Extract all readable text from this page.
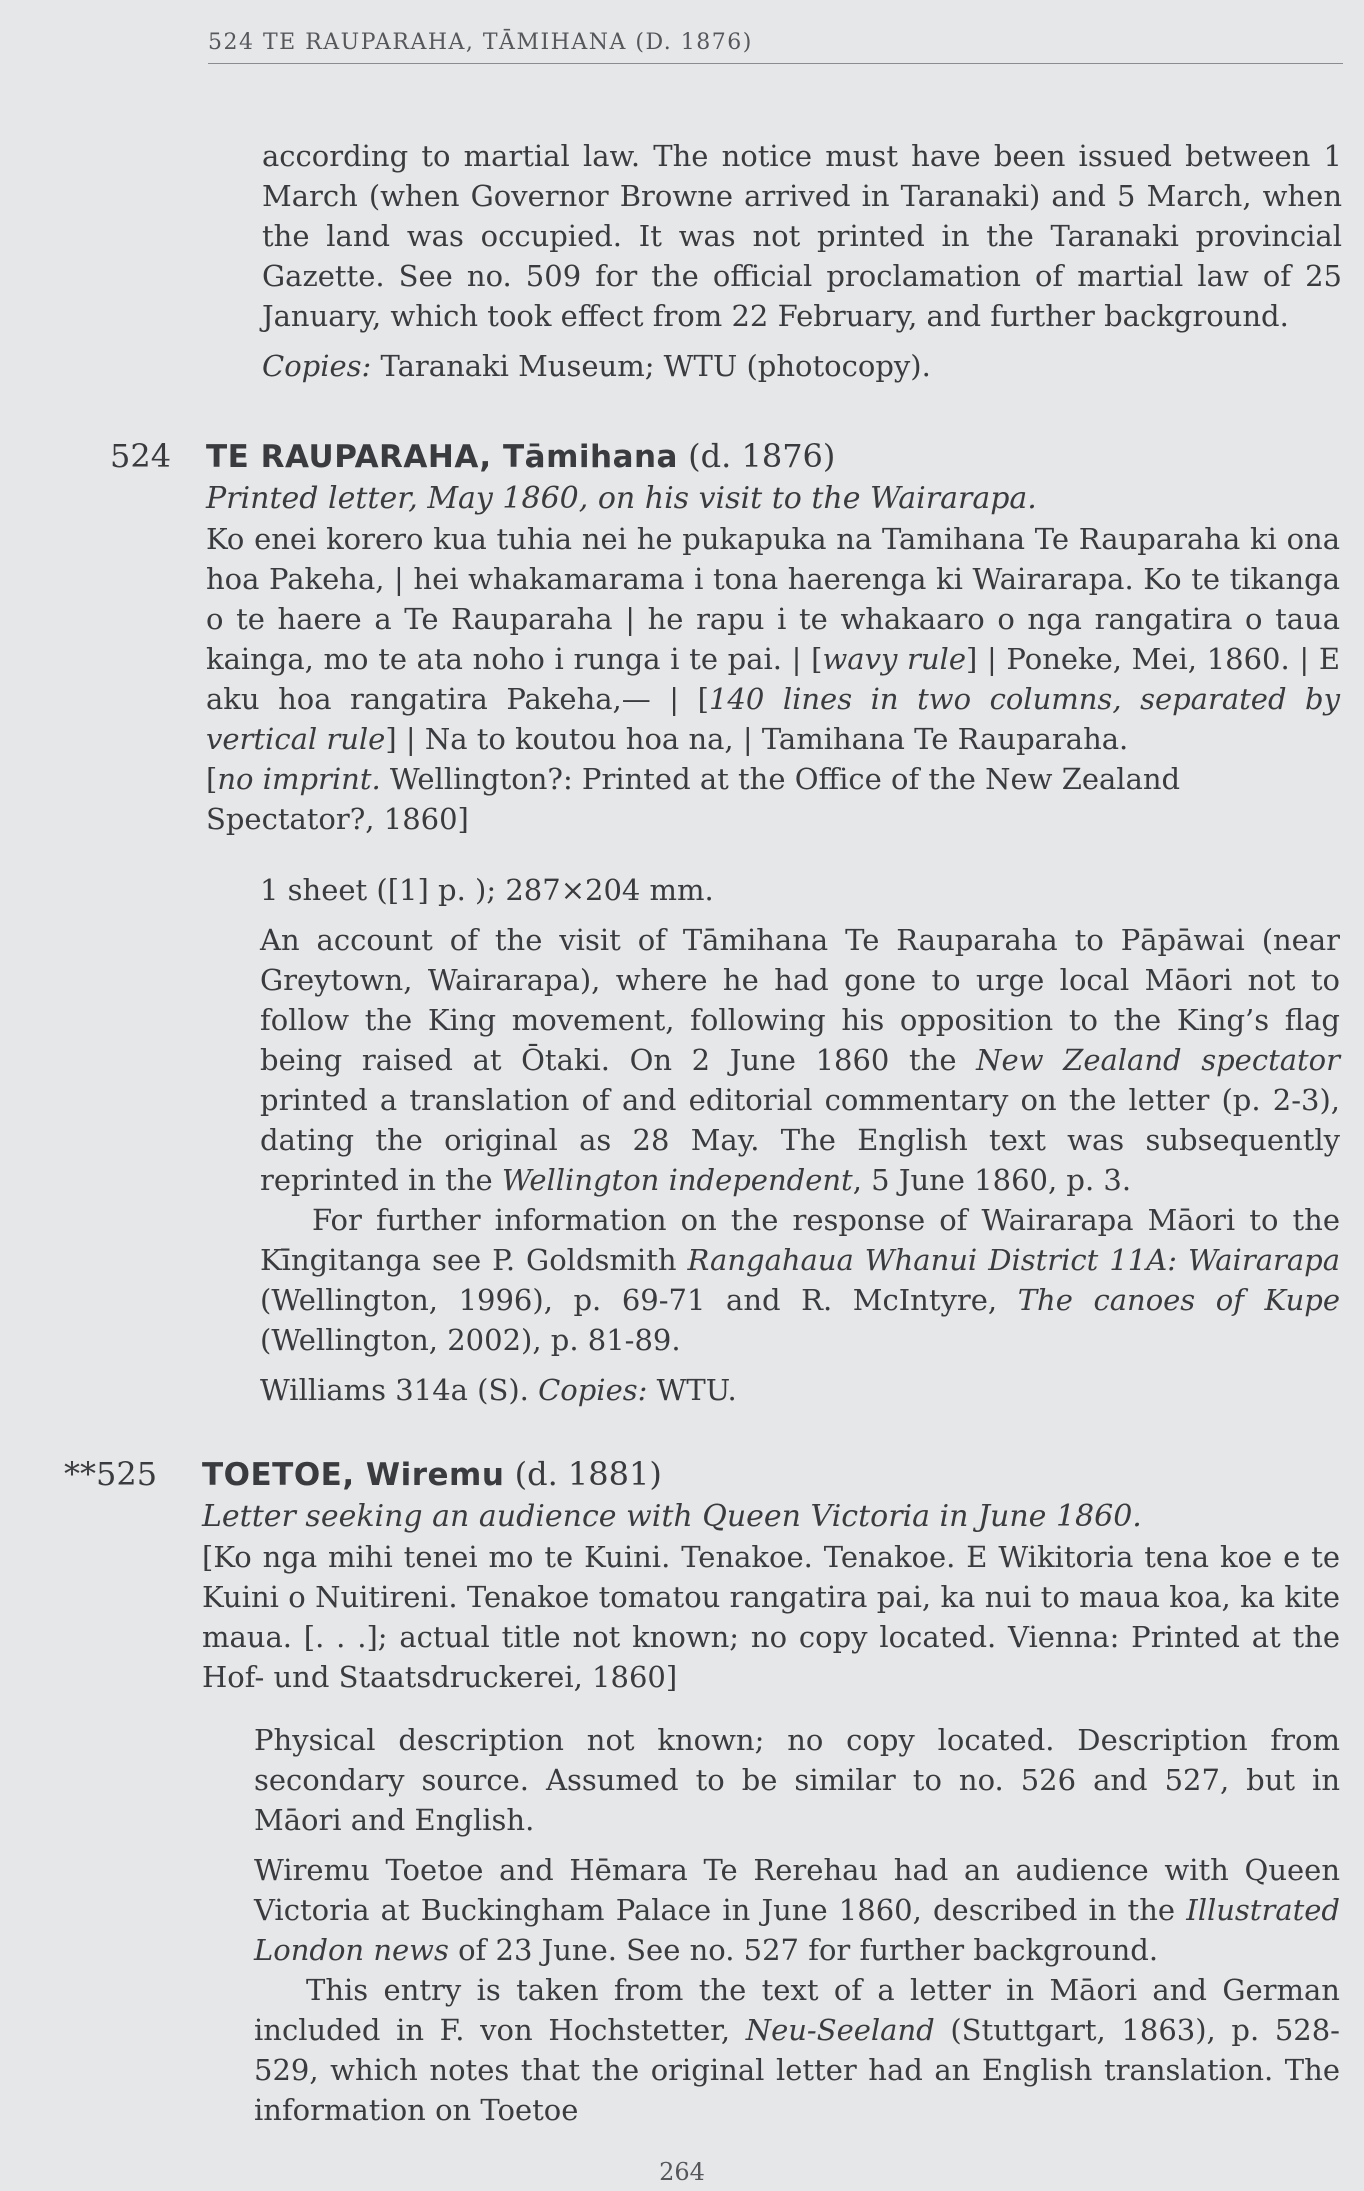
524 TE RAUPARAHA, TĀMIHANA (D. 1876)

according to martial law. The notice must have been issued between 1 March (when Governor Browne arrived in Taranaki) and 5 March, when the land was occupied. It was not printed in the Taranaki provincial Gazette. See no. 509 for the official proclamation of martial law of 25 January, which took effect from 22 February, and further background.

Copies: Taranaki Museum; WTU (photocopy).

524 TE RAUPARAHA, Tāmihana (d. 1876)

Printed letter, May 1860, on his visit to the Wairarapa.

Ko enei korero kua tuhia nei he pukapuka na Tamihana Te Rauparaha ki ona hoa Pakeha, | hei whakamarama i tona haerenga ki Wairarapa. Ko te tikanga o te haere a Te Rauparaha | he rapu i te whakaaro o nga rangatira o taua kainga, mo te ata noho i runga i te pai. | [wavy rule] | Poneke, Mei, 1860. | E aku hoa rangatira Pakeha,— | [140 lines in two columns, separated by vertical rule] | Na to koutou hoa na, | Tamihana Te Rauparaha.

[no imprint. Wellington?: Printed at the Office of the New Zealand Spectator?, 1860]

1 sheet ([1] p. ); 287×204 mm.

An account of the visit of Tāmihana Te Rauparaha to Pāpāwai (near Greytown, Wairarapa), where he had gone to urge local Māori not to follow the King movement, following his opposition to the King’s flag being raised at Ōtaki. On 2 June 1860 the New Zealand spectator printed a translation of and editorial commentary on the letter (p. 2-3), dating the original as 28 May. The English text was subsequently reprinted in the Wellington independent, 5 June 1860, p. 3.

For further information on the response of Wairarapa Māori to the Kīngitanga see P. Goldsmith Rangahaua Whanui District 11A: Wairarapa (Wellington, 1996), p. 69-71 and R. McIntyre, The canoes of Kupe (Wellington, 2002), p. 81-89.

Williams 314a (S). Copies: WTU.

**525 TOETOE, Wiremu (d. 1881)

Letter seeking an audience with Queen Victoria in June 1860.

[Ko nga mihi tenei mo te Kuini. Tenakoe. Tenakoe. E Wikitoria tena koe e te Kuini o Nuitireni. Tenakoe tomatou rangatira pai, ka nui to maua koa, ka kite maua. [. . .]; actual title not known; no copy located. Vienna: Printed at the Hof- und Staatsdruckerei, 1860]

Physical description not known; no copy located. Description from secondary source. Assumed to be similar to no. 526 and 527, but in Māori and English.

Wiremu Toetoe and Hēmara Te Rerehau had an audience with Queen Victoria at Buckingham Palace in June 1860, described in the Illustrated London news of 23 June. See no. 527 for further background.

This entry is taken from the text of a letter in Māori and German included in F. von Hochstetter, Neu-Seeland (Stuttgart, 1863), p. 528-529, which notes that the original letter had an English translation. The information on Toetoe

264
